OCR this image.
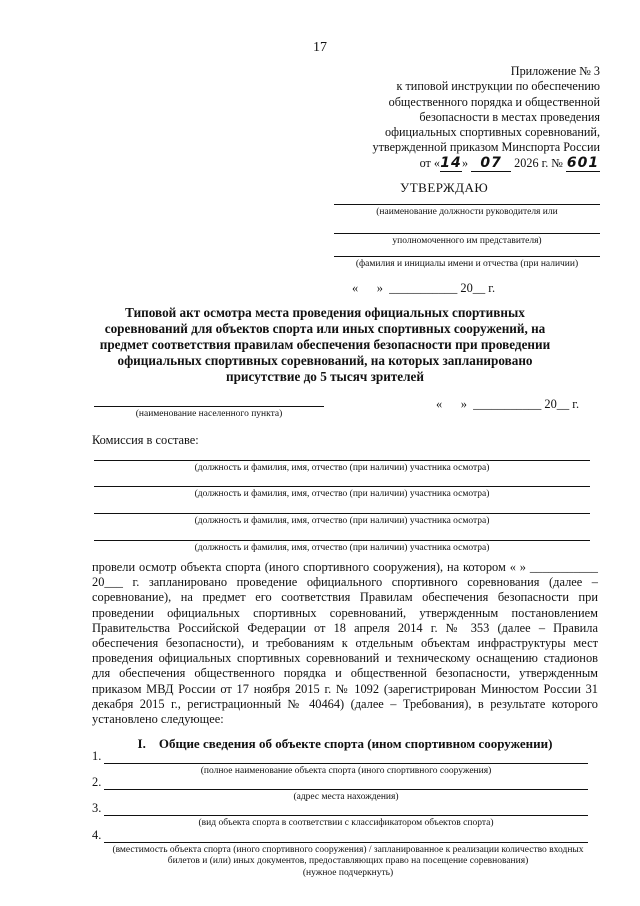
17
Приложение № 3
к типовой инструкции по обеспечению
общественного порядка и общественной
безопасности в местах проведения
официальных спортивных соревнований,
утвержденной приказом Минспорта России
от «14» 07 2026 г. № 601
УТВЕРЖДАЮ
(наименование должности руководителя или
уполномоченного им представителя)
(фамилия и инициалы имени и отчества (при наличии)
«      »  ___________ 20__ г.
Типовой акт осмотра места проведения официальных спортивных соревнований для объектов спорта или иных спортивных сооружений, на предмет соответствия правилам обеспечения безопасности при проведении официальных спортивных соревнований, на которых запланировано присутствие до 5 тысяч зрителей
(наименование населенного пункта)
«      »  ___________ 20__ г.
Комиссия в составе:
(должность и фамилия, имя, отчество (при наличии) участника осмотра)
(должность и фамилия, имя, отчество (при наличии) участника осмотра)
(должность и фамилия, имя, отчество (при наличии) участника осмотра)
(должность и фамилия, имя, отчество (при наличии) участника осмотра)
провели осмотр объекта спорта (иного спортивного сооружения), на котором « » ___________ 20___ г. запланировано проведение официального спортивного соревнования (далее – соревнование), на предмет его соответствия Правилам обеспечения безопасности при проведении официальных спортивных соревнований, утвержденным постановлением Правительства Российской Федерации от 18 апреля 2014 г. № 353 (далее – Правила обеспечения безопасности), и требованиям к отдельным объектам инфраструктуры мест проведения официальных спортивных соревнований и техническому оснащению стадионов для обеспечения общественного порядка и общественной безопасности, утвержденным приказом МВД России от 17 ноября 2015 г. № 1092 (зарегистрирован Минюстом России 31 декабря 2015 г., регистрационный № 40464) (далее – Требования), в результате которого установлено следующее:
I. Общие сведения об объекте спорта (ином спортивном сооружении)
1.
(полное наименование объекта спорта (иного спортивного сооружения)
2.
(адрес места нахождения)
3.
(вид объекта спорта в соответствии с классификатором объектов спорта)
4.
(вместимость объекта спорта (иного спортивного сооружения) / запланированное к реализации количество входных билетов и (или) иных документов, предоставляющих право на посещение соревнования)
(нужное подчеркнуть)
